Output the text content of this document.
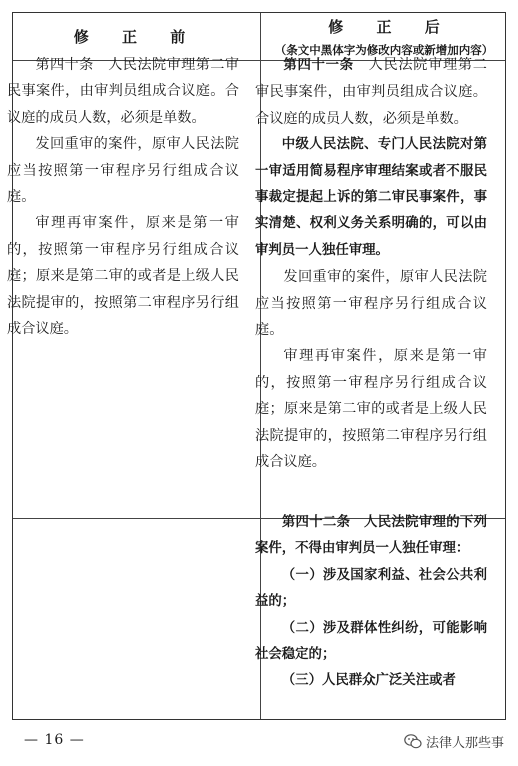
修 正 前
修 正 后
（条文中黑体字为修改内容或新增加内容）

第四十条　人民法院审理第二审民事案件，由审判员组成合议庭。合议庭的成员人数，必须是单数。

发回重审的案件，原审人民法院应当按照第一审程序另行组成合议庭。

审理再审案件，原来是第一审的，按照第一审程序另行组成合议庭；原来是第二审的或者是上级人民法院提审的，按照第二审程序另行组成合议庭。

第四十一条　人民法院审理第二审民事案件，由审判员组成合议庭。合议庭的成员人数，必须是单数。

中级人民法院、专门人民法院对第一审适用简易程序审理结案或者不服民事裁定提起上诉的第二审民事案件，事实清楚、权利义务关系明确的，可以由审判员一人独任审理。

发回重审的案件，原审人民法院应当按照第一审程序另行组成合议庭。

审理再审案件，原来是第一审的，按照第一审程序另行组成合议庭；原来是第二审的或者是上级人民法院提审的，按照第二审程序另行组成合议庭。

第四十二条　人民法院审理的下列案件，不得由审判员一人独任审理：

（一）涉及国家利益、社会公共利益的；

（二）涉及群体性纠纷，可能影响社会稳定的；

（三）人民群众广泛关注或者

— 16 —	法律人那些事
